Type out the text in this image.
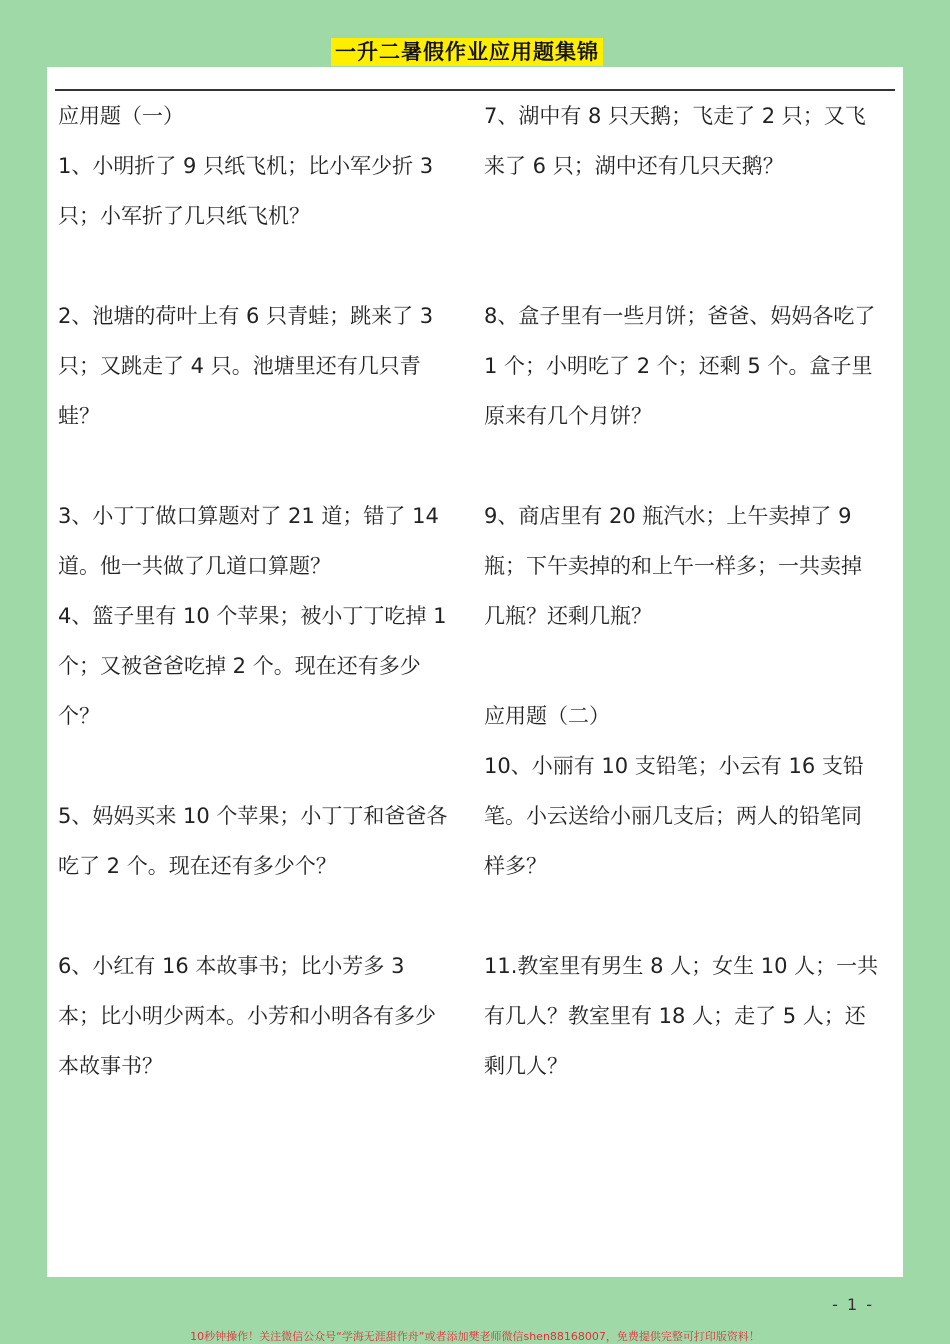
一升二暑假作业应用题集锦

应用题（一）

1、小明折了 9 只纸飞机；比小军少折 3 只；小军折了几只纸飞机？

2、池塘的荷叶上有 6 只青蛙；跳来了 3 只；又跳走了 4 只。池塘里还有几只青蛙？

3、小丁丁做口算题对了 21 道；错了 14 道。他一共做了几道口算题？

4、篮子里有 10 个苹果；被小丁丁吃掉 1 个；又被爸爸吃掉 2 个。现在还有多少个？

5、妈妈买来 10 个苹果；小丁丁和爸爸各吃了 2 个。现在还有多少个？

6、小红有 16 本故事书；比小芳多 3 本；比小明少两本。小芳和小明各有多少本故事书？

7、湖中有 8 只天鹅；飞走了 2 只；又飞来了 6 只；湖中还有几只天鹅？

8、盒子里有一些月饼；爸爸、妈妈各吃了 1 个；小明吃了 2 个；还剩 5 个。盒子里原来有几个月饼？

9、商店里有 20 瓶汽水；上午卖掉了 9 瓶；下午卖掉的和上午一样多；一共卖掉几瓶？还剩几瓶？

应用题（二）

10、小丽有 10 支铅笔；小云有 16 支铅笔。小云送给小丽几支后；两人的铅笔同样多？

11.教室里有男生 8 人；女生 10 人；一共有几人？教室里有 18 人；走了 5 人；还剩几人？

- 1 -
10秒钟操作！关注微信公众号“学海无涯甜作舟”或者添加樊老师微信shen88168007，免费提供完整可打印版资料！
